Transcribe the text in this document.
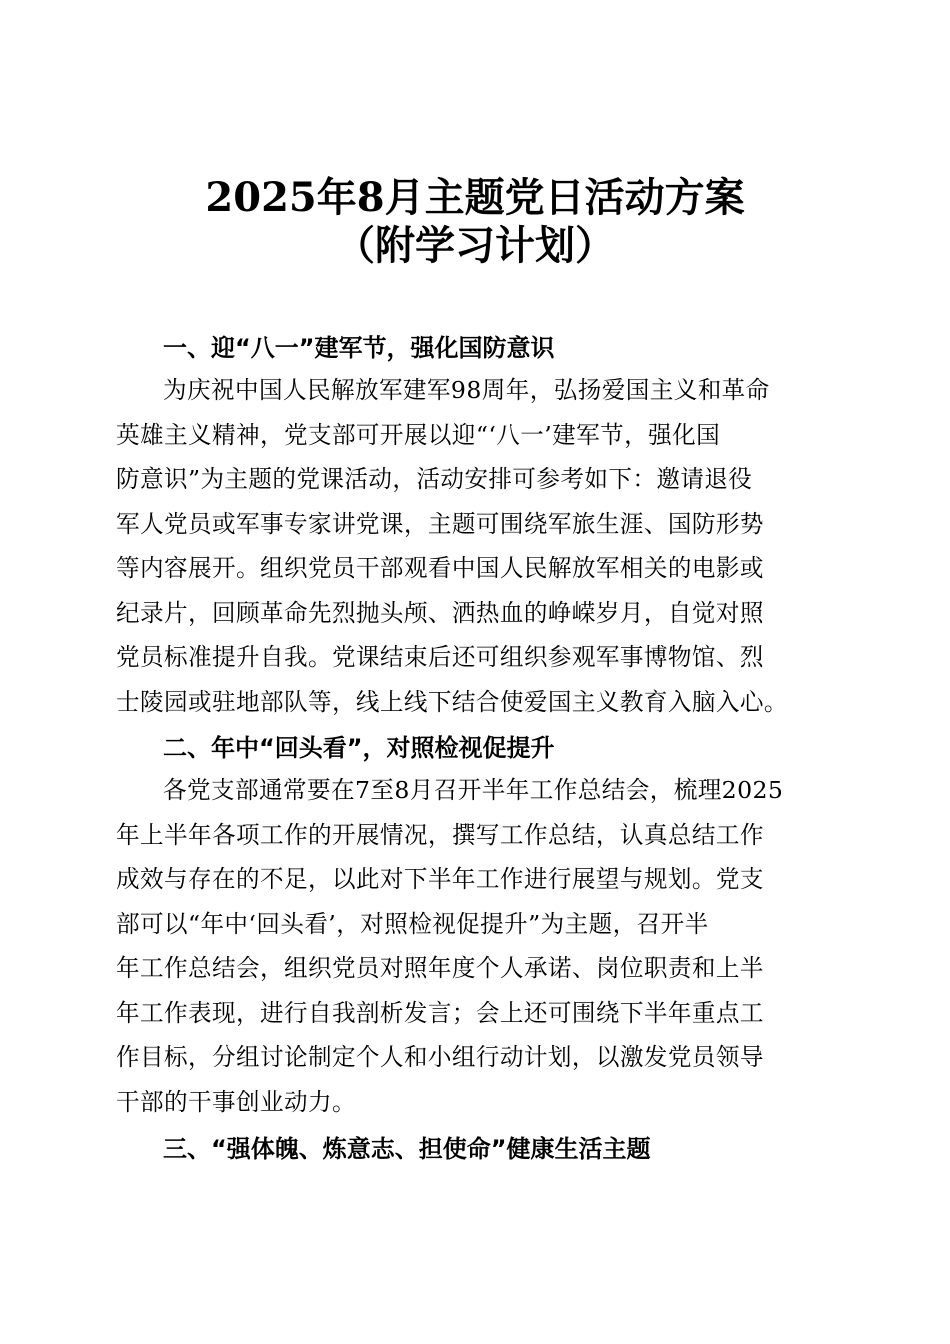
2025年8月主题党日活动方案
（附学习计划）
一、迎“八一”建军节，强化国防意识
为庆祝中国人民解放军建军98周年，弘扬爱国主义和革命
英雄主义精神，党支部可开展以迎“‘八一’建军节，强化国
防意识”为主题的党课活动，活动安排可参考如下：邀请退役
军人党员或军事专家讲党课，主题可围绕军旅生涯、国防形势
等内容展开。组织党员干部观看中国人民解放军相关的电影或
纪录片，回顾革命先烈抛头颅、洒热血的峥嵘岁月，自觉对照
党员标准提升自我。党课结束后还可组织参观军事博物馆、烈
士陵园或驻地部队等，线上线下结合使爱国主义教育入脑入心。
二、年中“回头看”，对照检视促提升
各党支部通常要在7至8月召开半年工作总结会，梳理2025
年上半年各项工作的开展情况，撰写工作总结，认真总结工作
成效与存在的不足，以此对下半年工作进行展望与规划。党支
部可以“年中‘回头看’，对照检视促提升”为主题，召开半
年工作总结会，组织党员对照年度个人承诺、岗位职责和上半
年工作表现，进行自我剖析发言；会上还可围绕下半年重点工
作目标，分组讨论制定个人和小组行动计划，以激发党员领导
干部的干事创业动力。
三、“强体魄、炼意志、担使命”健康生活主题
